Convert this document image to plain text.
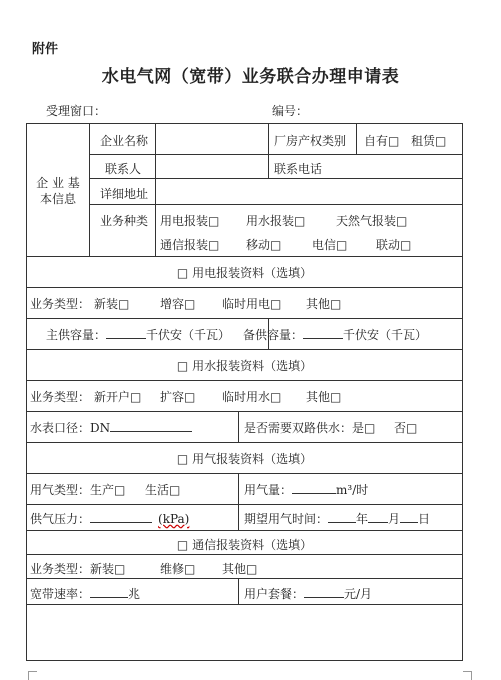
附件
水电气网（宽带）业务联合办理申请表
受理窗口：	编号：
企 业 基 本信息
企业名称	厂房产权类别 自有□ 租赁□
联系人	联系电话
详细地址
业务种类 用电报装□ 用水报装□	天然气报装□
通信报装□ 移动□	电信□ 联动□
□ 用电报装资料（选填）
业务类型： 新装□	增容□ 临时用电□ 其他□
主供容量：	千伏安（千瓦） 备供容量：	千伏安（千瓦）
□ 用水报装资料（选填）
业务类型： 新开户□ 扩容□ 临时用水□ 其他□
水表口径：DN	是否需要双路供水：是□ 否□
□ 用气报装资料（选填）
用气类型：生产□ 生活□	用气量：	m³/时
供气压力：	(kPa)	期望用气时间： 年 月 日
□ 通信报装资料（选填）
业务类型：新装□	维修□ 其他□
宽带速率：	兆	用户套餐：	元/月
